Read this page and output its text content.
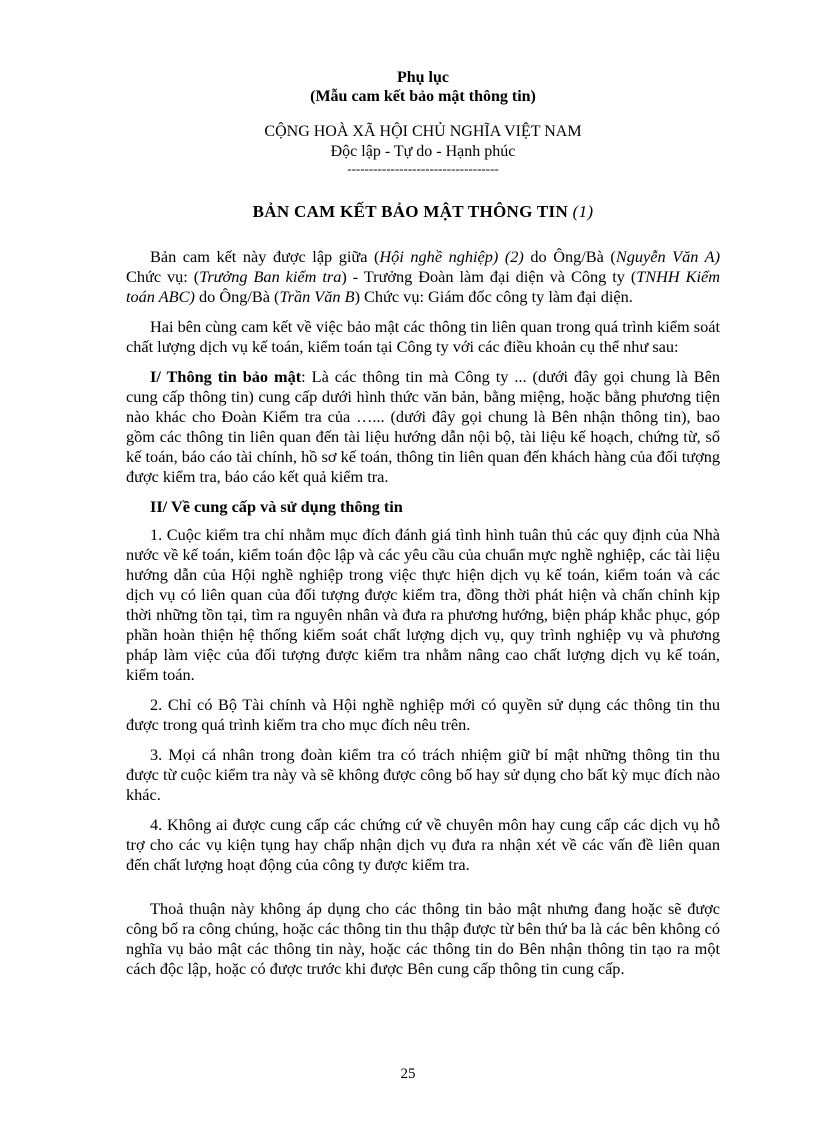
Phụ lục
(Mẫu cam kết bảo mật thông tin)
CỘNG HOÀ XÃ HỘI CHỦ NGHĨA VIỆT NAM
Độc lập - Tự do - Hạnh phúc
-----------------------------------
BẢN CAM KẾT BẢO MẬT THÔNG TIN (1)

Bản cam kết này được lập giữa (Hội nghề nghiệp) (2) do Ông/Bà (Nguyễn Văn A) Chức vụ: (Trưởng Ban kiểm tra) - Trưởng Đoàn làm đại diện và Công ty (TNHH Kiểm toán ABC) do Ông/Bà (Trần Văn B) Chức vụ: Giám đốc công ty làm đại diện.

Hai bên cùng cam kết về việc bảo mật các thông tin liên quan trong quá trình kiểm soát chất lượng dịch vụ kế toán, kiểm toán tại Công ty với các điều khoản cụ thể như sau:

I/ Thông tin bảo mật: Là các thông tin mà Công ty ... (dưới đây gọi chung là Bên cung cấp thông tin) cung cấp dưới hình thức văn bản, bằng miệng, hoặc bằng phương tiện nào khác cho Đoàn Kiểm tra của …... (dưới đây gọi chung là Bên nhận thông tin), bao gồm các thông tin liên quan đến tài liệu hướng dẫn nội bộ, tài liệu kế hoạch, chứng từ, sổ kế toán, báo cáo tài chính, hồ sơ kế toán, thông tin liên quan đến khách hàng của đối tượng được kiểm tra, báo cáo kết quả kiểm tra.

II/ Về cung cấp và sử dụng thông tin

1. Cuộc kiểm tra chỉ nhằm mục đích đánh giá tình hình tuân thủ các quy định của Nhà nước về kế toán, kiểm toán độc lập và các yêu cầu của chuẩn mực nghề nghiệp, các tài liệu hướng dẫn của Hội nghề nghiệp trong việc thực hiện dịch vụ kế toán, kiểm toán và các dịch vụ có liên quan của đối tượng được kiểm tra, đồng thời phát hiện và chấn chỉnh kịp thời những tồn tại, tìm ra nguyên nhân và đưa ra phương hướng, biện pháp khắc phục, góp phần hoàn thiện hệ thống kiểm soát chất lượng dịch vụ, quy trình nghiệp vụ và phương pháp làm việc của đối tượng được kiểm tra nhằm nâng cao chất lượng dịch vụ kế toán, kiểm toán.

2. Chỉ có Bộ Tài chính và Hội nghề nghiệp mới có quyền sử dụng các thông tin thu được trong quá trình kiểm tra cho mục đích nêu trên.

3. Mọi cá nhân trong đoàn kiểm tra có trách nhiệm giữ bí mật những thông tin thu được từ cuộc kiểm tra này và sẽ không được công bố hay sử dụng cho bất kỳ mục đích nào khác.

4. Không ai được cung cấp các chứng cứ về chuyên môn hay cung cấp các dịch vụ hỗ trợ cho các vụ kiện tụng hay chấp nhận dịch vụ đưa ra nhận xét về các vấn đề liên quan đến chất lượng hoạt động của công ty được kiểm tra.

Thoả thuận này không áp dụng cho các thông tin bảo mật nhưng đang hoặc sẽ được công bố ra công chúng, hoặc các thông tin thu thập được từ bên thứ ba là các bên không có nghĩa vụ bảo mật các thông tin này, hoặc các thông tin do Bên nhận thông tin tạo ra một cách độc lập, hoặc có được trước khi được Bên cung cấp thông tin cung cấp.

25
